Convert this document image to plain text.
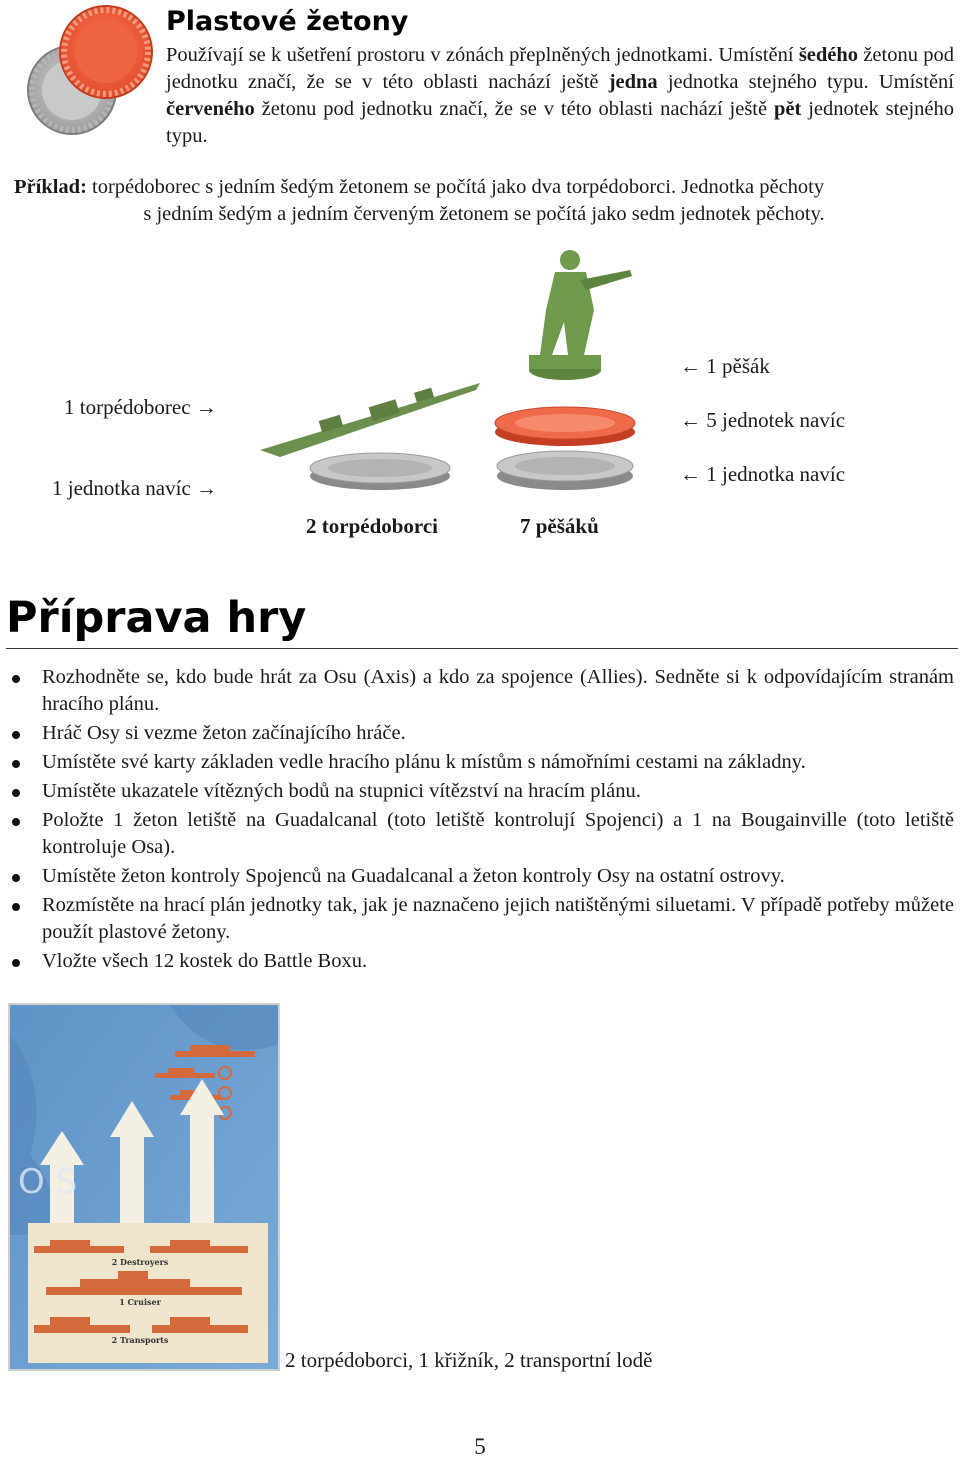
Plastové žetony
Používají se k ušetření prostoru v zónách přeplněných jednotkami. Umístění šedého žetonu pod jednotku značí, že se v této oblasti nachází ještě jedna jednotka stejného typu. Umístění červeného žetonu pod jednotku značí, že se v této oblasti nachází ještě pět jednotek stejného typu.
Příklad: torpédoborec s jedním šedým žetonem se počítá jako dva torpédoborci. Jednotka pěchoty
s jedním šedým a jedním červeným žetonem se počítá jako sedm jednotek pěchoty.
1 torpédoborec →
1 jednotka navíc →
← 1 pěšák
← 5 jednotek navíc
← 1 jednotka navíc
2 torpédoborci	7 pěšáků
Příprava hry
Rozhodněte se, kdo bude hrát za Osu (Axis) a kdo za spojence (Allies). Sedněte si k odpovídajícím stranám hracího plánu.
Hráč Osy si vezme žeton začínajícího hráče.
Umístěte své karty základen vedle hracího plánu k místům s námořními cestami na základny.
Umístěte ukazatele vítězných bodů na stupnici vítězství na hracím plánu.
Položte 1 žeton letiště na Guadalcanal (toto letiště kontrolují Spojenci) a 1 na Bougainville (toto letiště kontroluje Osa).
Umístěte žeton kontroly Spojenců na Guadalcanal a žeton kontroly Osy na ostatní ostrovy.
Rozmístěte na hrací plán jednotky tak, jak je naznačeno jejich natištěnými siluetami. V případě potřeby můžete použít plastové žetony.
Vložte všech 12 kostek do Battle Boxu.
O S
2 Destroyers
1 Cruiser
2 Transports
2 torpédoborci, 1 křižník, 2 transportní lodě
5
